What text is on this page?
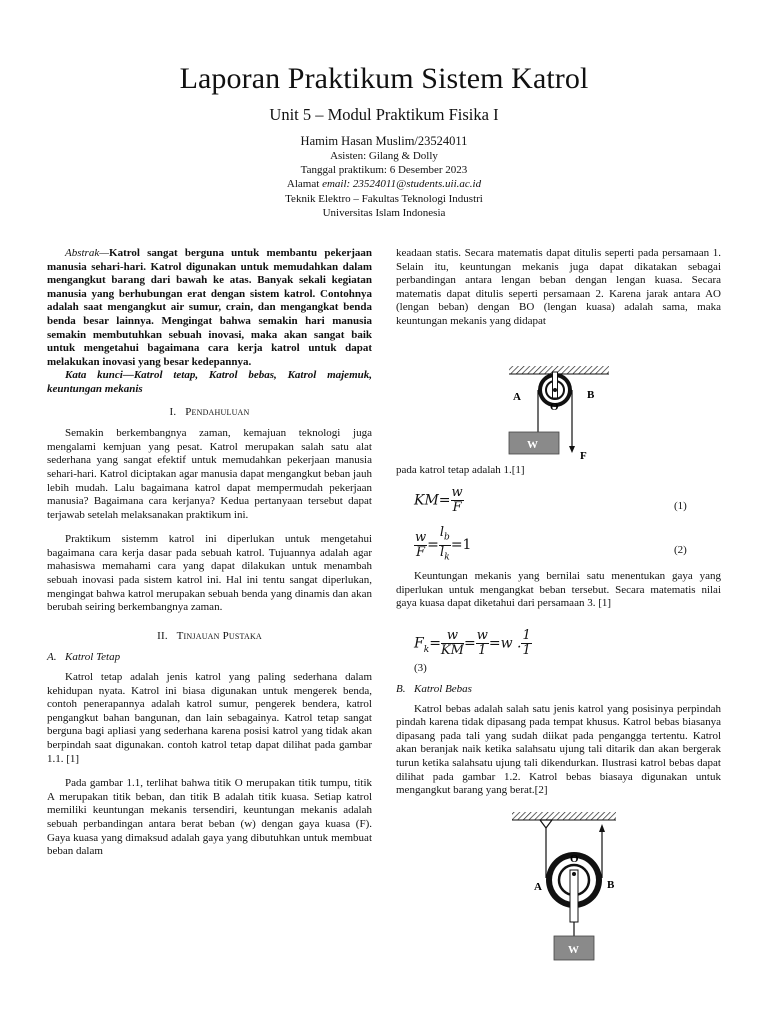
Laporan Praktikum Sistem Katrol
Unit 5 – Modul Praktikum Fisika I
Hamim Hasan Muslim/23524011
Asisten: Gilang & Dolly
Tanggal praktikum: 6 Desember 2023
Alamat email: 23524011@students.uii.ac.id
Teknik Elektro – Fakultas Teknologi Industri
Universitas Islam Indonesia

Abstrak—Katrol sangat berguna untuk membantu pekerjaan manusia sehari-hari. Katrol digunakan untuk memudahkan dalam mengangkut barang dari bawah ke atas. Banyak sekali kegiatan manusia yang berhubungan erat dengan sistem katrol. Contohnya adalah saat mengangkut air sumur, crain, dan mengangkat benda benda besar lainnya. Mengingat bahwa semakin hari manusia semakin membutuhkan sebuah inovasi, maka akan sangat baik untuk mengetahui bagaimana cara kerja katrol untuk dapat melakukan inovasi yang besar kedepannya.

Kata kunci—Katrol tetap, Katrol bebas, Katrol majemuk, keuntungan mekanis

I. Pendahuluan

Semakin berkembangnya zaman, kemajuan teknologi juga mengalami kemjuan yang pesat. Katrol merupakan salah satu alat sederhana yang sangat efektif untuk memudahkan pekerjaan manusia sehari-hari. Katrol diciptakan agar manusia dapat mengangkut beban jauh lebih mudah. Lalu bagaimana katrol dapat mempermudah pekerjaan manusia? Bagaimana cara kerjanya? Kedua pertanyaan tersebut dapat terjawab setelah melaksanakan praktikum ini.

Praktikum sistemm katrol ini diperlukan untuk mengetahui bagaimana cara kerja dasar pada sebuah katrol. Tujuannya adalah agar mahasiswa memahami cara yang dapat dilakukan untuk menambah sebuah inovasi pada sistem katrol ini. Hal ini tentu sangat diperlukan, mengingat bahwa katrol merupakan sebuah benda yang dinamis dan akan berubah seiring berkembangnya zaman.

II. Tinjauan Pustaka

A. Katrol Tetap

Katrol tetap adalah jenis katrol yang paling sederhana dalam kehidupan nyata. Katrol ini biasa digunakan untuk mengerek benda, contoh penerapannya adalah katrol sumur, pengerek bendera, katrol pengangkut bahan bangunan, dan lain sebagainya. Katrol tetap sangat berguna bagi apliasi yang sederhana karena posisi katrol yang tidak akan berpindah saat digunakan. contoh katrol tetap dapat dilihat pada gambar 1.1. [1]

Pada gambar 1.1, terlihat bahwa titik O merupakan titik tumpu, titik A merupakan titik beban, dan titik B adalah titik kuasa. Setiap katrol memiliki keuntungan mekanis tersendiri, keuntungan mekanis adalah sebuah perbandingan antara berat beban (w) dengan gaya kuasa (F). Gaya kuasa yang dimaksud adalah gaya yang dibutuhkan untuk membuat beban dalam

keadaan statis. Secara matematis dapat ditulis seperti pada persamaan 1. Selain itu, keuntungan mekanis juga dapat dikatakan sebagai perbandingan antara lengan beban dengan lengan kuasa. Secara matematis dapat ditulis seperti persamaan 2. Karena jarak antara AO (lengan beban) dengan BO (lengan kuasa) adalah sama, maka keuntungan mekanis yang didapat

A	B
O
W
F
pada katrol tetap adalah 1.[1]
$KM= \frac{w}{F}$	(1)
$\frac{w}{F} = \frac{l_b}{l_k} =1$	(2)

Keuntungan mekanis yang bernilai satu menentukan gaya yang diperlukan untuk mengangkat beban tersebut. Secara matematis nilai gaya kuasa dapat diketahui dari persamaan 3. [1]

$F_k= \frac{w}{KM} = \frac{w}{1} =w$ . $\frac{1}{1}$
(3)

B. Katrol Bebas

Katrol bebas adalah salah satu jenis katrol yang posisinya perpindah pindah karena tidak dipasang pada tempat khusus. Katrol bebas biasanya dipasang pada tali yang sudah diikat pada pengangga tertentu. Katrol akan beranjak naik ketika salahsatu ujung tali ditarik dan akan bergerak turun ketika salahsatu ujung tali dikendurkan. Ilustrasi katrol bebas dapat dilihat pada gambar 1.2. Katrol bebas biasaya digunakan untuk mengangkut barang yang berat.[2]

A	B
O
W
